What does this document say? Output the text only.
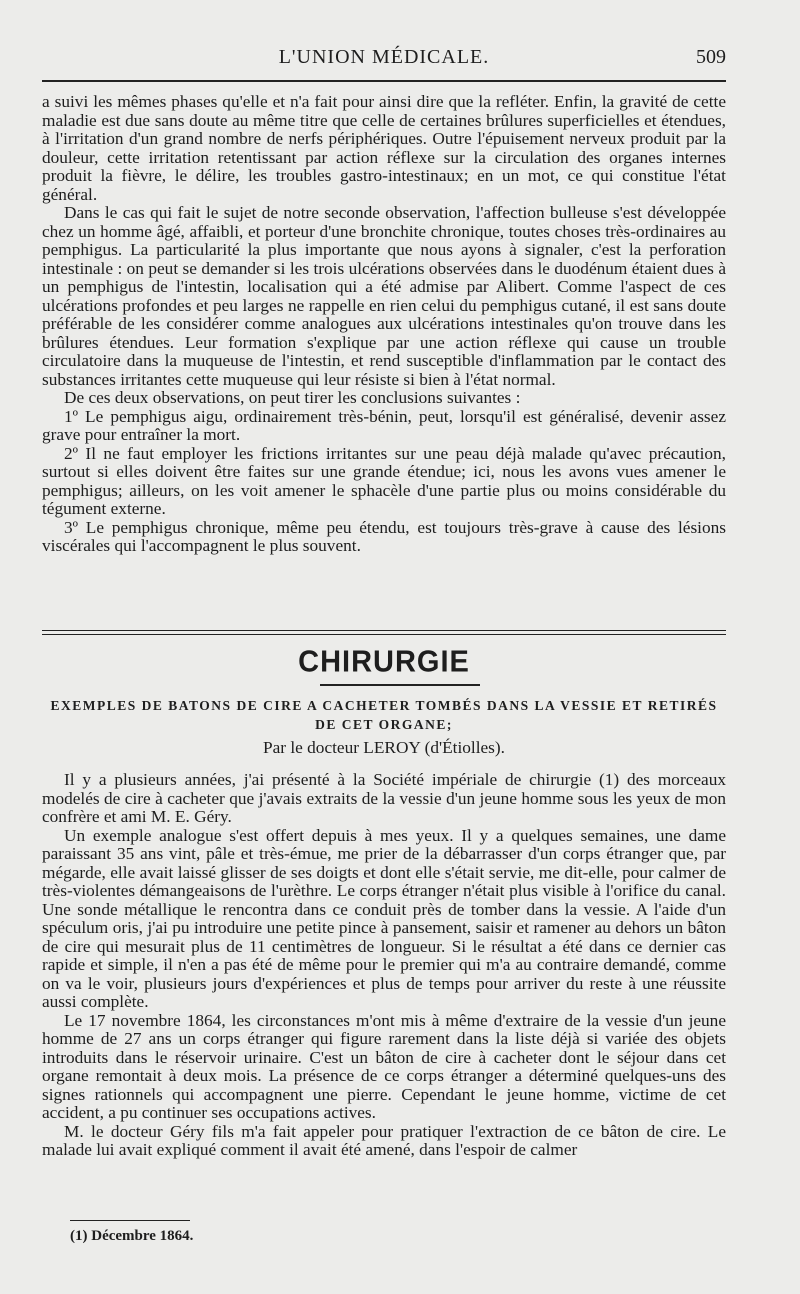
L'UNION MÉDICALE.	509

a suivi les mêmes phases qu'elle et n'a fait pour ainsi dire que la refléter. Enfin, la gravité de cette maladie est due sans doute au même titre que celle de certaines brûlures superficielles et étendues, à l'irritation d'un grand nombre de nerfs périphériques. Outre l'épuisement nerveux produit par la douleur, cette irritation retentissant par action réflexe sur la circulation des organes internes produit la fièvre, le délire, les troubles gastro-intestinaux; en un mot, ce qui constitue l'état général.

Dans le cas qui fait le sujet de notre seconde observation, l'affection bulleuse s'est développée chez un homme âgé, affaibli, et porteur d'une bronchite chronique, toutes choses très-ordinaires au pemphigus. La particularité la plus importante que nous ayons à signaler, c'est la perforation intestinale : on peut se demander si les trois ulcérations observées dans le duodénum étaient dues à un pemphigus de l'intestin, localisation qui a été admise par Alibert. Comme l'aspect de ces ulcérations profondes et peu larges ne rappelle en rien celui du pemphigus cutané, il est sans doute préférable de les considérer comme analogues aux ulcérations intestinales qu'on trouve dans les brûlures étendues. Leur formation s'explique par une action réflexe qui cause un trouble circulatoire dans la muqueuse de l'intestin, et rend susceptible d'inflammation par le contact des substances irritantes cette muqueuse qui leur résiste si bien à l'état normal.

De ces deux observations, on peut tirer les conclusions suivantes :

1º Le pemphigus aigu, ordinairement très-bénin, peut, lorsqu'il est généralisé, devenir assez grave pour entraîner la mort.

2º Il ne faut employer les frictions irritantes sur une peau déjà malade qu'avec précaution, surtout si elles doivent être faites sur une grande étendue; ici, nous les avons vues amener le pemphigus; ailleurs, on les voit amener le sphacèle d'une partie plus ou moins considérable du tégument externe.

3º Le pemphigus chronique, même peu étendu, est toujours très-grave à cause des lésions viscérales qui l'accompagnent le plus souvent.

CHIRURGIE
EXEMPLES DE BATONS DE CIRE A CACHETER TOMBÉS DANS LA VESSIE ET RETIRÉS DE CET ORGANE;
Par le docteur LEROY (d'Étiolles).

Il y a plusieurs années, j'ai présenté à la Société impériale de chirurgie (1) des morceaux modelés de cire à cacheter que j'avais extraits de la vessie d'un jeune homme sous les yeux de mon confrère et ami M. E. Géry.

Un exemple analogue s'est offert depuis à mes yeux. Il y a quelques semaines, une dame paraissant 35 ans vint, pâle et très-émue, me prier de la débarrasser d'un corps étranger que, par mégarde, elle avait laissé glisser de ses doigts et dont elle s'était servie, me dit-elle, pour calmer de très-violentes démangeaisons de l'urèthre. Le corps étranger n'était plus visible à l'orifice du canal. Une sonde métallique le rencontra dans ce conduit près de tomber dans la vessie. A l'aide d'un spéculum oris, j'ai pu introduire une petite pince à pansement, saisir et ramener au dehors un bâton de cire qui mesurait plus de 11 centimètres de longueur. Si le résultat a été dans ce dernier cas rapide et simple, il n'en a pas été de même pour le premier qui m'a au contraire demandé, comme on va le voir, plusieurs jours d'expériences et plus de temps pour arriver du reste à une réussite aussi complète.

Le 17 novembre 1864, les circonstances m'ont mis à même d'extraire de la vessie d'un jeune homme de 27 ans un corps étranger qui figure rarement dans la liste déjà si variée des objets introduits dans le réservoir urinaire. C'est un bâton de cire à cacheter dont le séjour dans cet organe remontait à deux mois. La présence de ce corps étranger a déterminé quelques-uns des signes rationnels qui accompagnent une pierre. Cependant le jeune homme, victime de cet accident, a pu continuer ses occupations actives.

M. le docteur Géry fils m'a fait appeler pour pratiquer l'extraction de ce bâton de cire. Le malade lui avait expliqué comment il avait été amené, dans l'espoir de calmer

(1) Décembre 1864.
